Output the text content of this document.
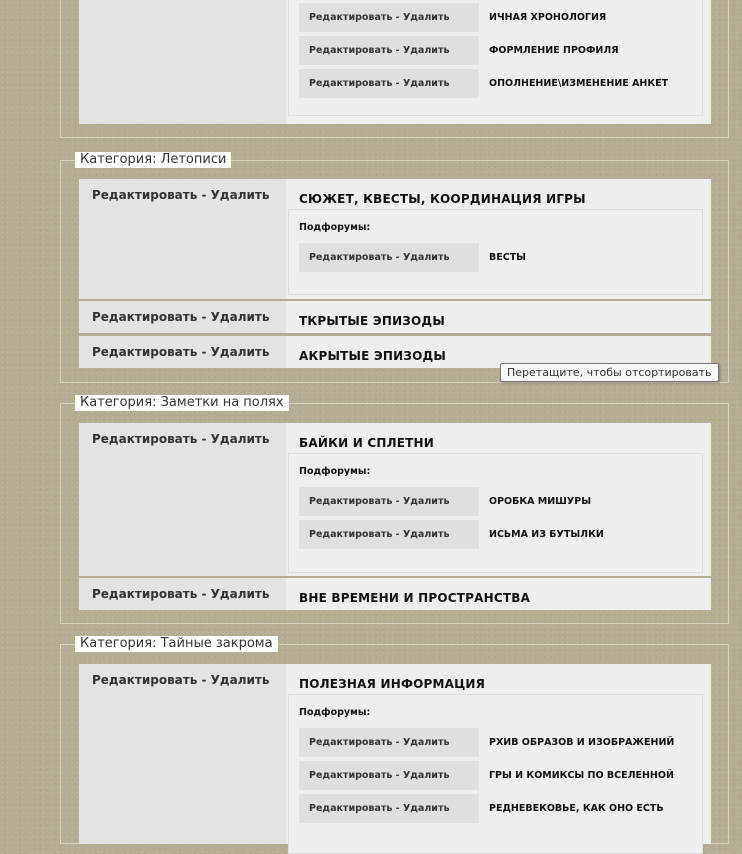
Редактировать - Удалить	ИЧНАЯ ХРОНОЛОГИЯ
Редактировать - Удалить	ФОРМЛЕНИЕ ПРОФИЛЯ
Редактировать - Удалить	ОПОЛНЕНИЕ\ИЗМЕНЕНИЕ АНКЕТ
Категория: Летописи
Редактировать - Удалить	СЮЖЕТ, КВЕСТЫ, КООРДИНАЦИЯ ИГРЫ
Подфорумы:
Редактировать - Удалить	ВЕСТЫ
Редактировать - Удалить	ТКРЫТЫЕ ЭПИЗОДЫ
Редактировать - Удалить	АКРЫТЫЕ ЭПИЗОДЫ
Категория: Заметки на полях
Редактировать - Удалить	БАЙКИ И СПЛЕТНИ
Подфорумы:
Редактировать - Удалить	ОРОБКА МИШУРЫ
Редактировать - Удалить	ИСЬМА ИЗ БУТЫЛКИ
Редактировать - Удалить	ВНЕ ВРЕМЕНИ И ПРОСТРАНСТВА
Категория: Тайные закрома
Редактировать - Удалить	ПОЛЕЗНАЯ ИНФОРМАЦИЯ
Подфорумы:
Редактировать - Удалить	РХИВ ОБРАЗОВ И ИЗОБРАЖЕНИЙ
Редактировать - Удалить	ГРЫ И КОМИКСЫ ПО ВСЕЛЕННОЙ
Редактировать - Удалить	РЕДНЕВЕКОВЬЕ, КАК ОНО ЕСТЬ
Перетащите, чтобы отсортировать
